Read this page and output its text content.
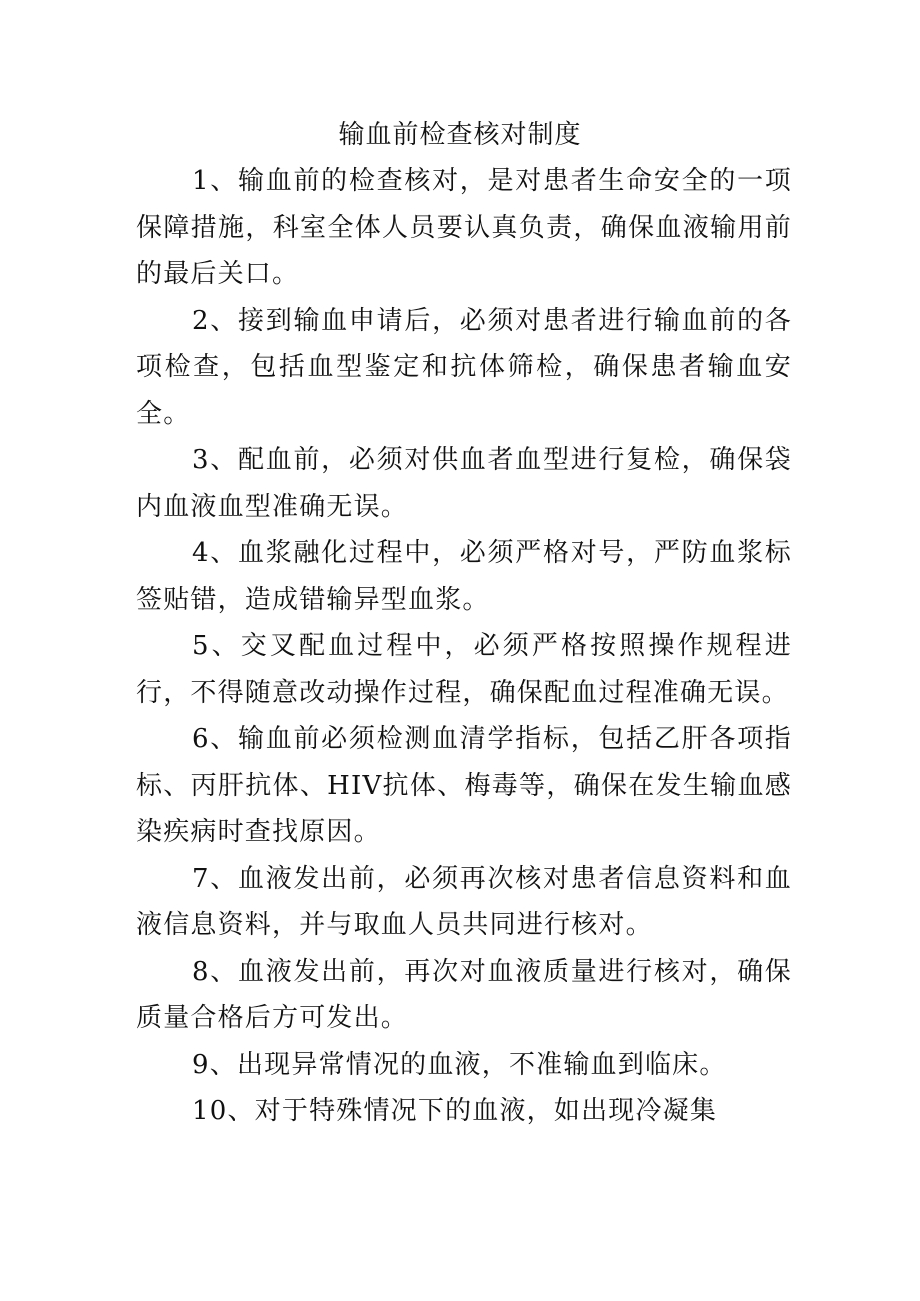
输血前检查核对制度

1、输血前的检查核对，是对患者生命安全的一项保障措施，科室全体人员要认真负责，确保血液输用前的最后关口。

2、接到输血申请后，必须对患者进行输血前的各项检查，包括血型鉴定和抗体筛检，确保患者输血安全。

3、配血前，必须对供血者血型进行复检，确保袋内血液血型准确无误。

4、血浆融化过程中，必须严格对号，严防血浆标签贴错，造成错输异型血浆。

5、交叉配血过程中，必须严格按照操作规程进行，不得随意改动操作过程，确保配血过程准确无误。

6、输血前必须检测血清学指标，包括乙肝各项指标、丙肝抗体、HIV抗体、梅毒等，确保在发生输血感染疾病时查找原因。

7、血液发出前，必须再次核对患者信息资料和血液信息资料，并与取血人员共同进行核对。

8、血液发出前，再次对血液质量进行核对，确保质量合格后方可发出。

9、出现异常情况的血液，不准输血到临床。

10、对于特殊情况下的血液，如出现冷凝集
